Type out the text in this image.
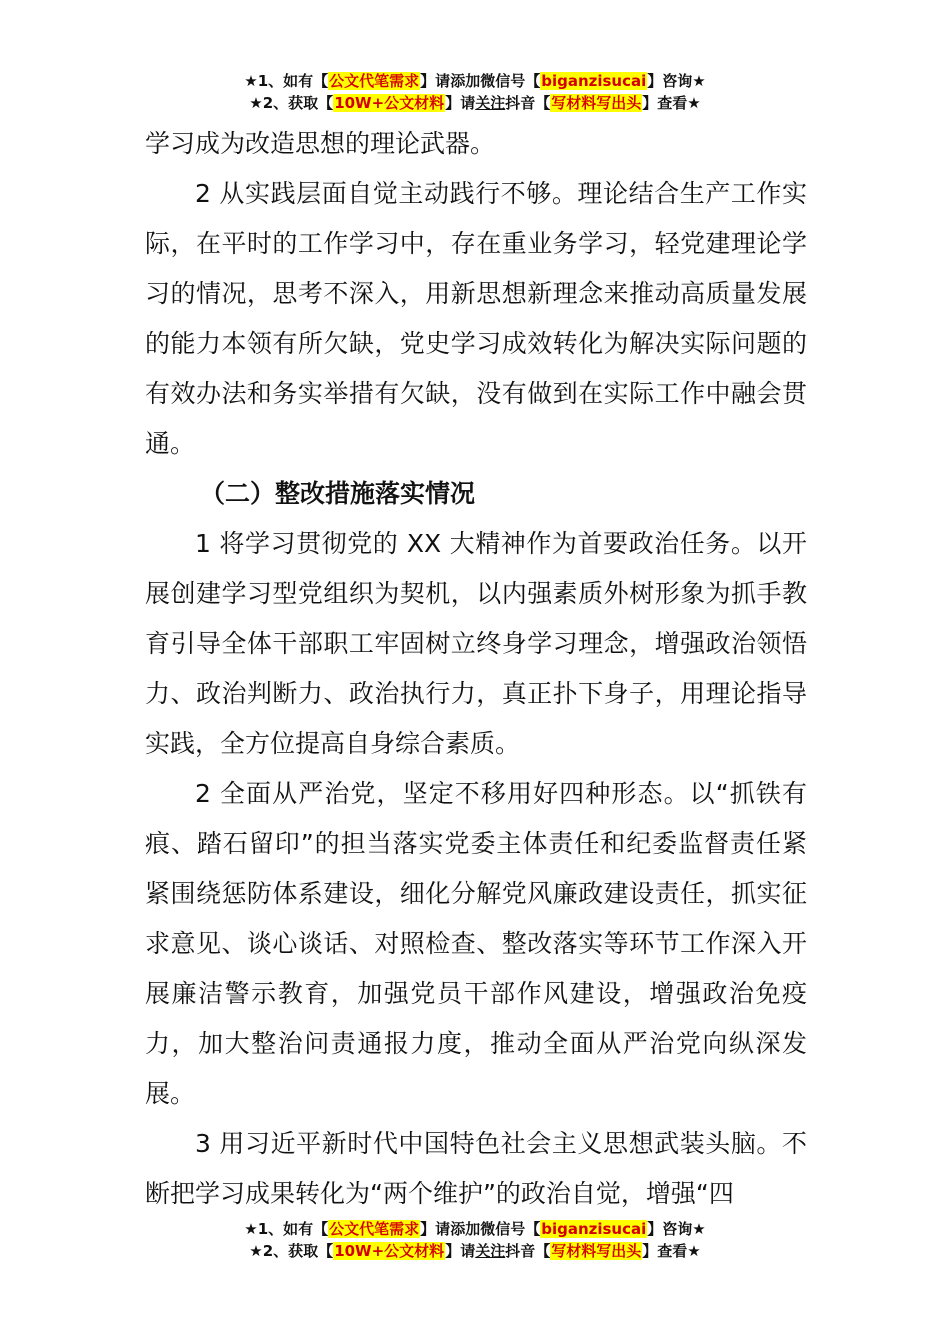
★1、如有【公文代笔需求】请添加微信号【biganzisucai】咨询★
★2、获取【10W+公文材料】请关注抖音【写材料写出头】查看★

学习成为改造思想的理论武器。

2 从实践层面自觉主动践行不够。理论结合生产工作实际，在平时的工作学习中，存在重业务学习，轻党建理论学习的情况，思考不深入，用新思想新理念来推动高质量发展的能力本领有所欠缺，党史学习成效转化为解决实际问题的有效办法和务实举措有欠缺，没有做到在实际工作中融会贯通。

（二）整改措施落实情况

1 将学习贯彻党的 XX 大精神作为首要政治任务。以开展创建学习型党组织为契机，以内强素质外树形象为抓手教育引导全体干部职工牢固树立终身学习理念，增强政治领悟力、政治判断力、政治执行力，真正扑下身子，用理论指导实践，全方位提高自身综合素质。

2 全面从严治党，坚定不移用好四种形态。以“抓铁有痕、踏石留印”的担当落实党委主体责任和纪委监督责任紧紧围绕惩防体系建设，细化分解党风廉政建设责任，抓实征求意见、谈心谈话、对照检查、整改落实等环节工作深入开展廉洁警示教育，加强党员干部作风建设，增强政治免疫力，加大整治问责通报力度，推动全面从严治党向纵深发展。

3 用习近平新时代中国特色社会主义思想武装头脑。不断把学习成果转化为“两个维护”的政治自觉，增强“四

★1、如有【公文代笔需求】请添加微信号【biganzisucai】咨询★
★2、获取【10W+公文材料】请关注抖音【写材料写出头】查看★
